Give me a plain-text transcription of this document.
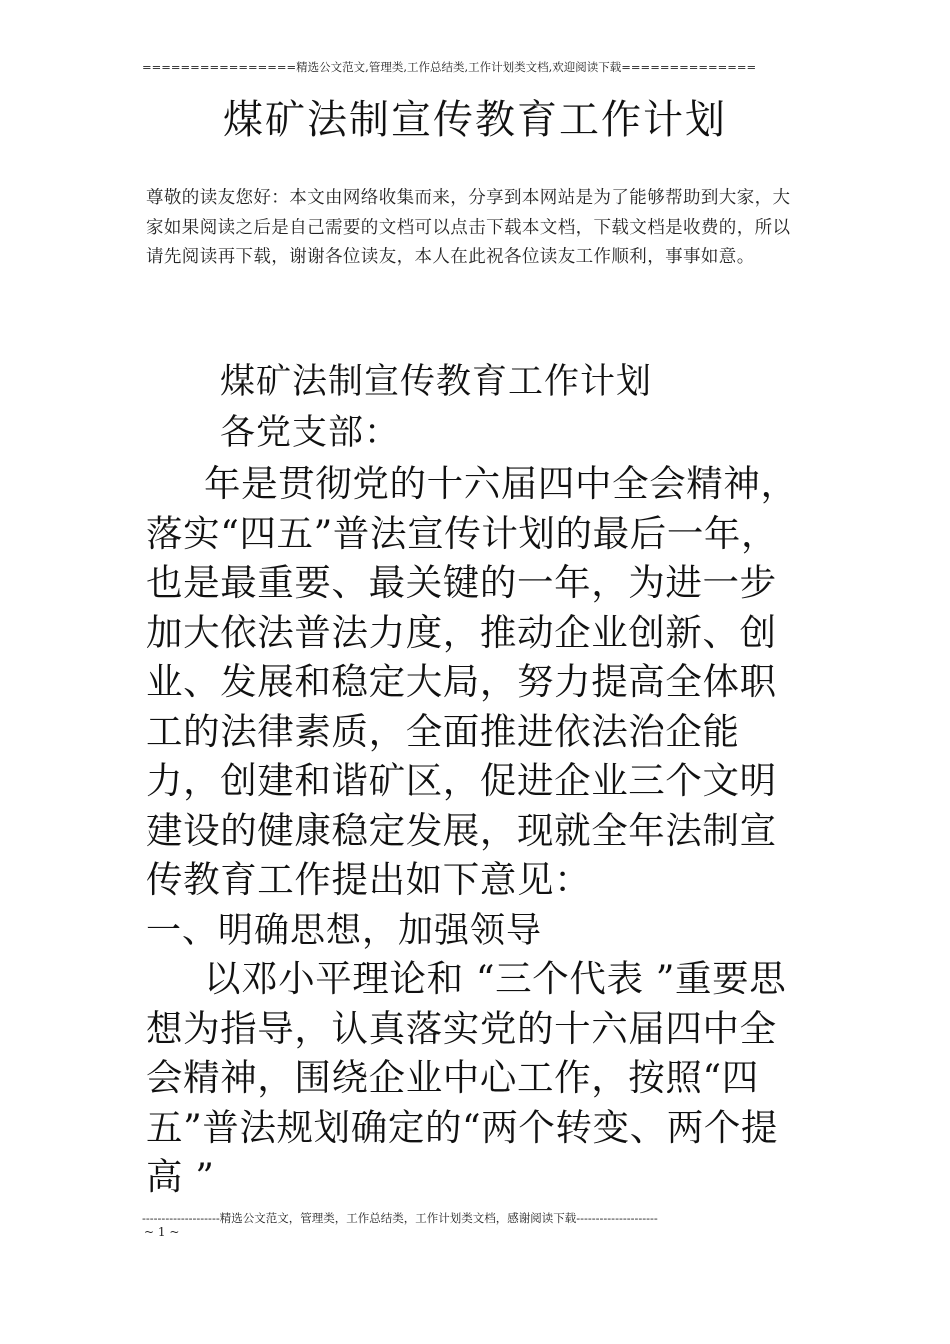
================精选公文范文,管理类,工作总结类,工作计划类文档,欢迎阅读下载==============
煤矿法制宣传教育工作计划
尊敬的读友您好：本文由网络收集而来，分享到本网站是为了能够帮助到大家，大家如果阅读之后是自己需要的文档可以点击下载本文档，下载文档是收费的，所以请先阅读再下载，谢谢各位读友，本人在此祝各位读友工作顺利，事事如意。
煤矿法制宣传教育工作计划
各党支部：

年是贯彻党的十六届四中全会精神，落实“四五”普法宣传计划的最后一年，也是最重要、最关键的一年，为进一步加大依法普法力度，推动企业创新、创业、发展和稳定大局，努力提高全体职工的法律素质，全面推进依法治企能力，创建和谐矿区，促进企业三个文明建设的健康稳定发展，现就全年法制宣传教育工作提出如下意见：

一、明确思想，加强领导

以邓小平理论和 “三个代表 ”重要思想为指导，认真落实党的十六届四中全会精神，围绕企业中心工作，按照“四五”普法规划确定的“两个转变、两个提高 ”

--------------------精选公文范文，管理类，工作总结类，工作计划类文档，感谢阅读下载---------------------
~ 1 ~
